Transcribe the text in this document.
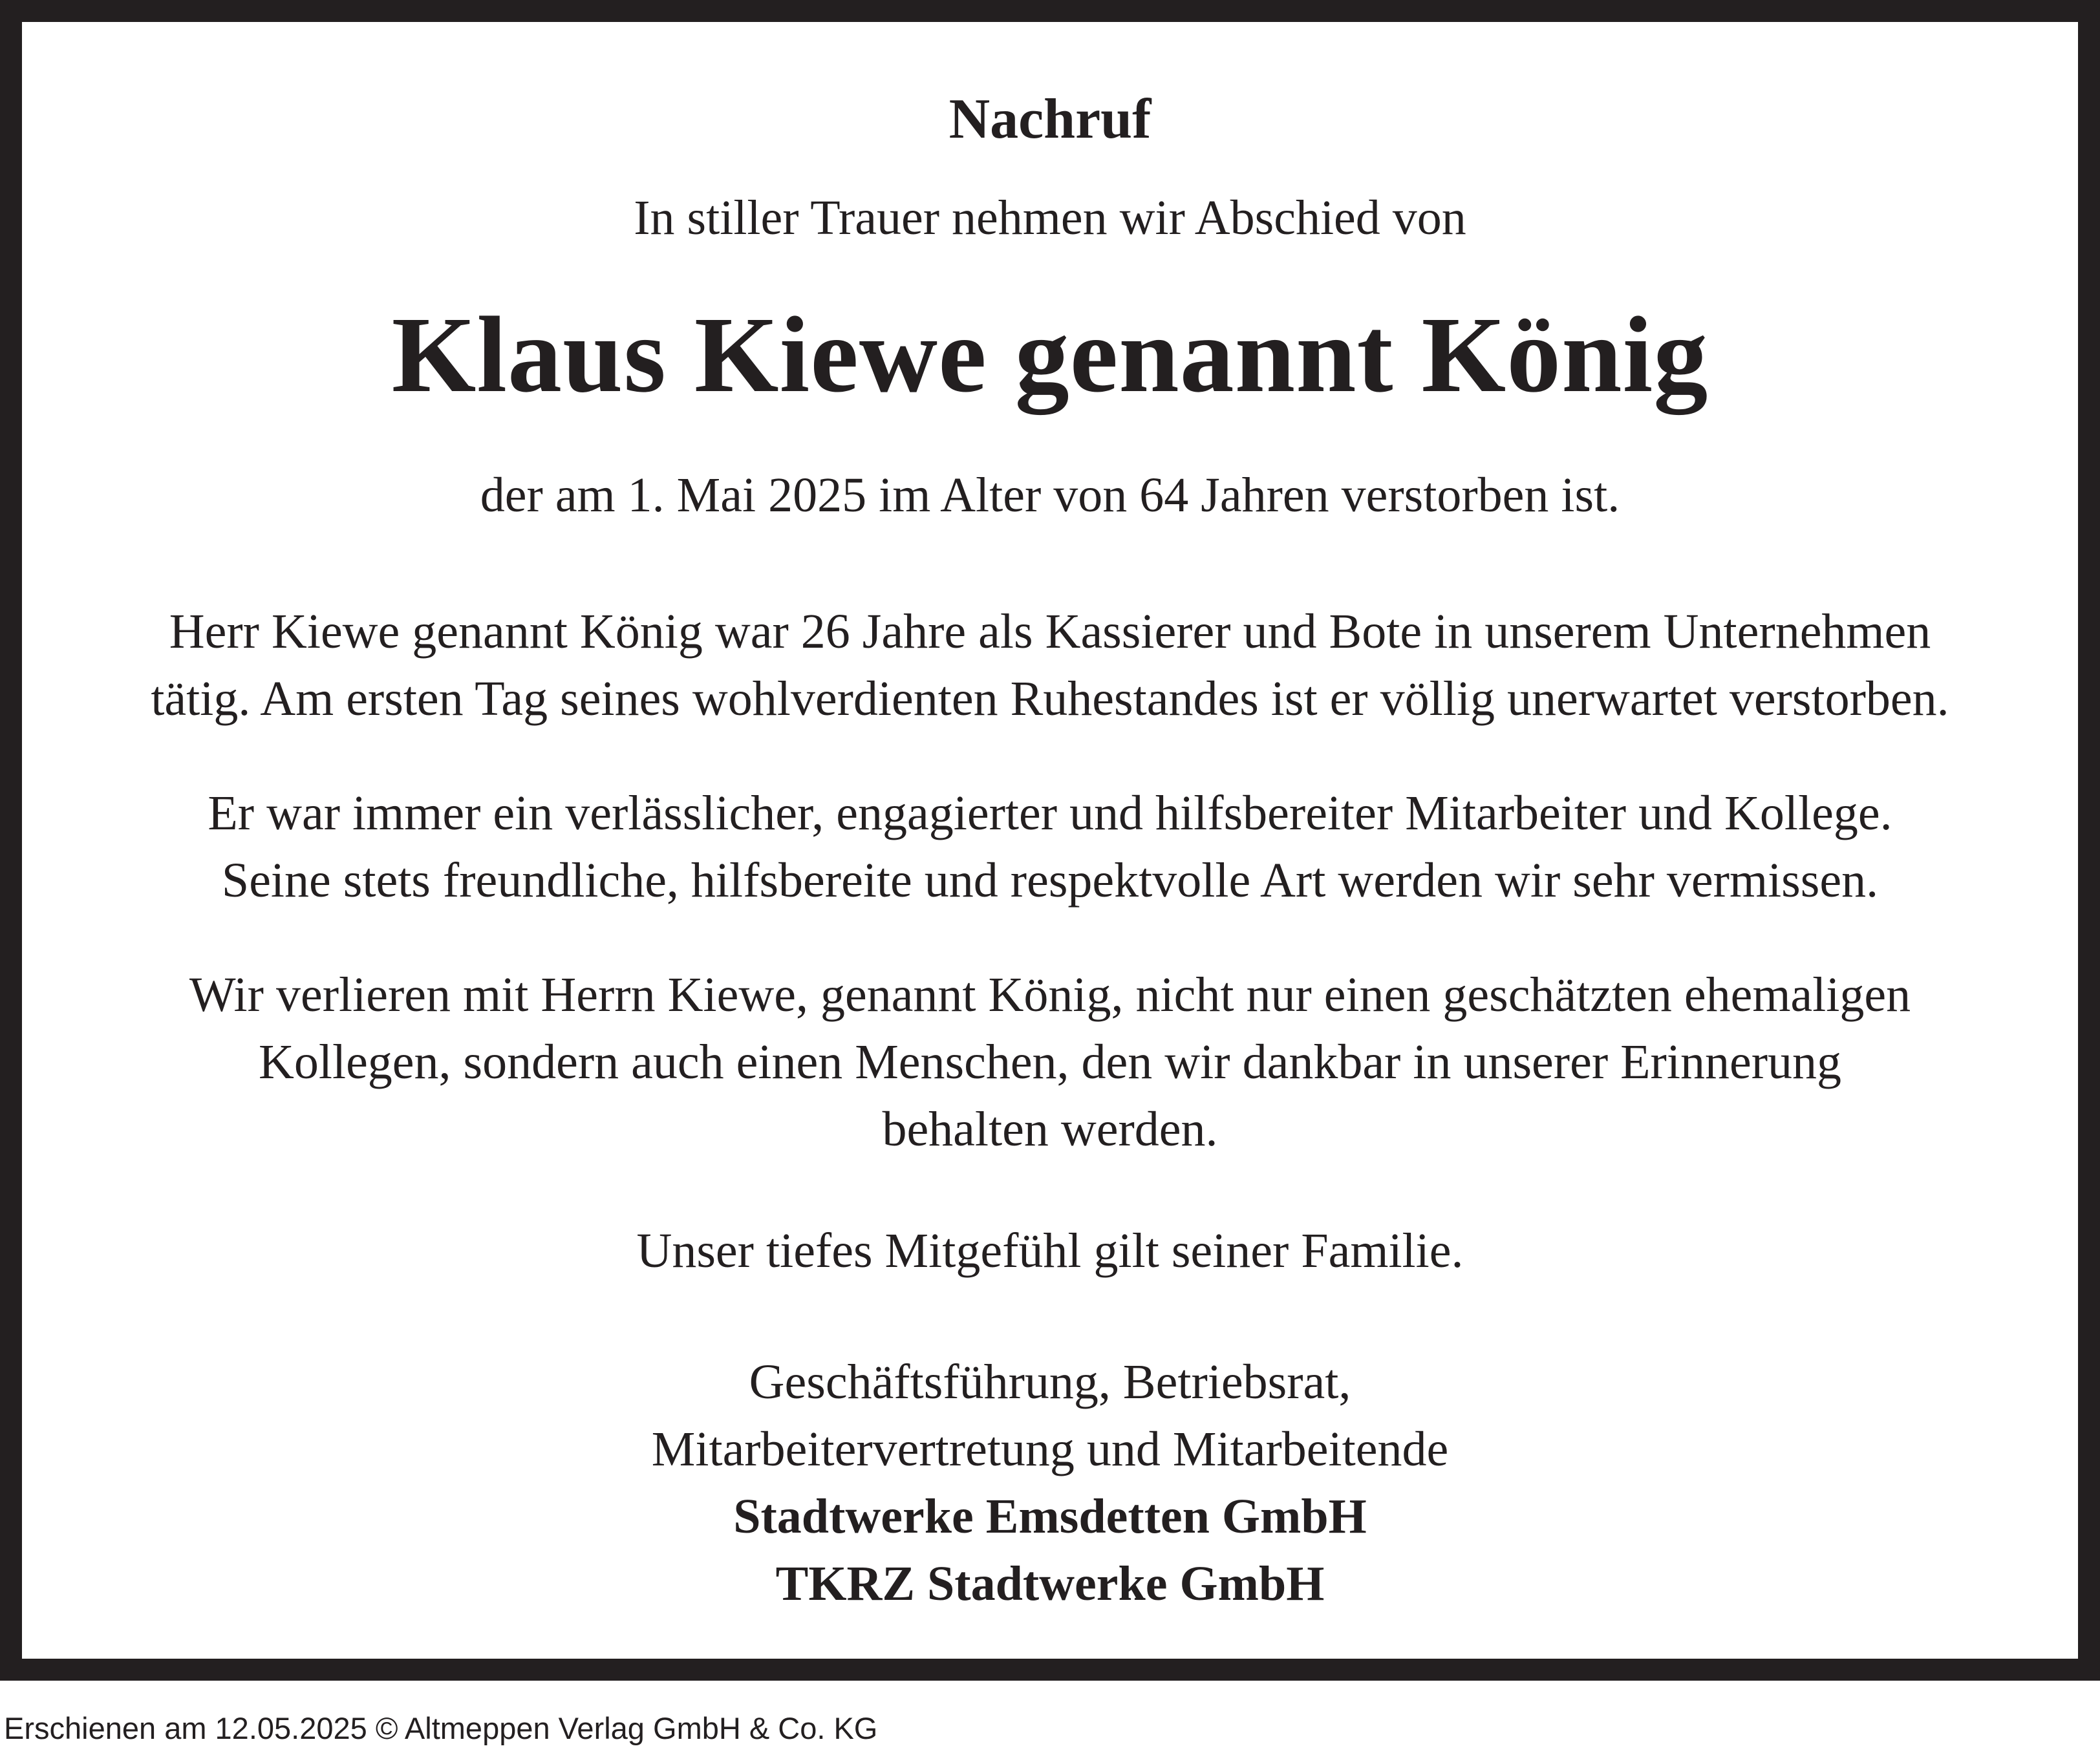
Nachruf

In stiller Trauer nehmen wir Abschied von

Klaus Kiewe genannt König

der am 1. Mai 2025 im Alter von 64 Jahren verstorben ist.

Herr Kiewe genannt König war 26 Jahre als Kassierer und Bote in unserem Unternehmen
tätig. Am ersten Tag seines wohlverdienten Ruhestandes ist er völlig unerwartet verstorben.

Er war immer ein verlässlicher, engagierter und hilfsbereiter Mitarbeiter und Kollege.
Seine stets freundliche, hilfsbereite und respektvolle Art werden wir sehr vermissen.

Wir verlieren mit Herrn Kiewe, genannt König, nicht nur einen geschätzten ehemaligen
Kollegen, sondern auch einen Menschen, den wir dankbar in unserer Erinnerung
behalten werden.

Unser tiefes Mitgefühl gilt seiner Familie.

Geschäftsführung, Betriebsrat,
Mitarbeitervertretung und Mitarbeitende
Stadtwerke Emsdetten GmbH
TKRZ Stadtwerke GmbH

Erschienen am 12.05.2025 © Altmeppen Verlag GmbH & Co. KG
